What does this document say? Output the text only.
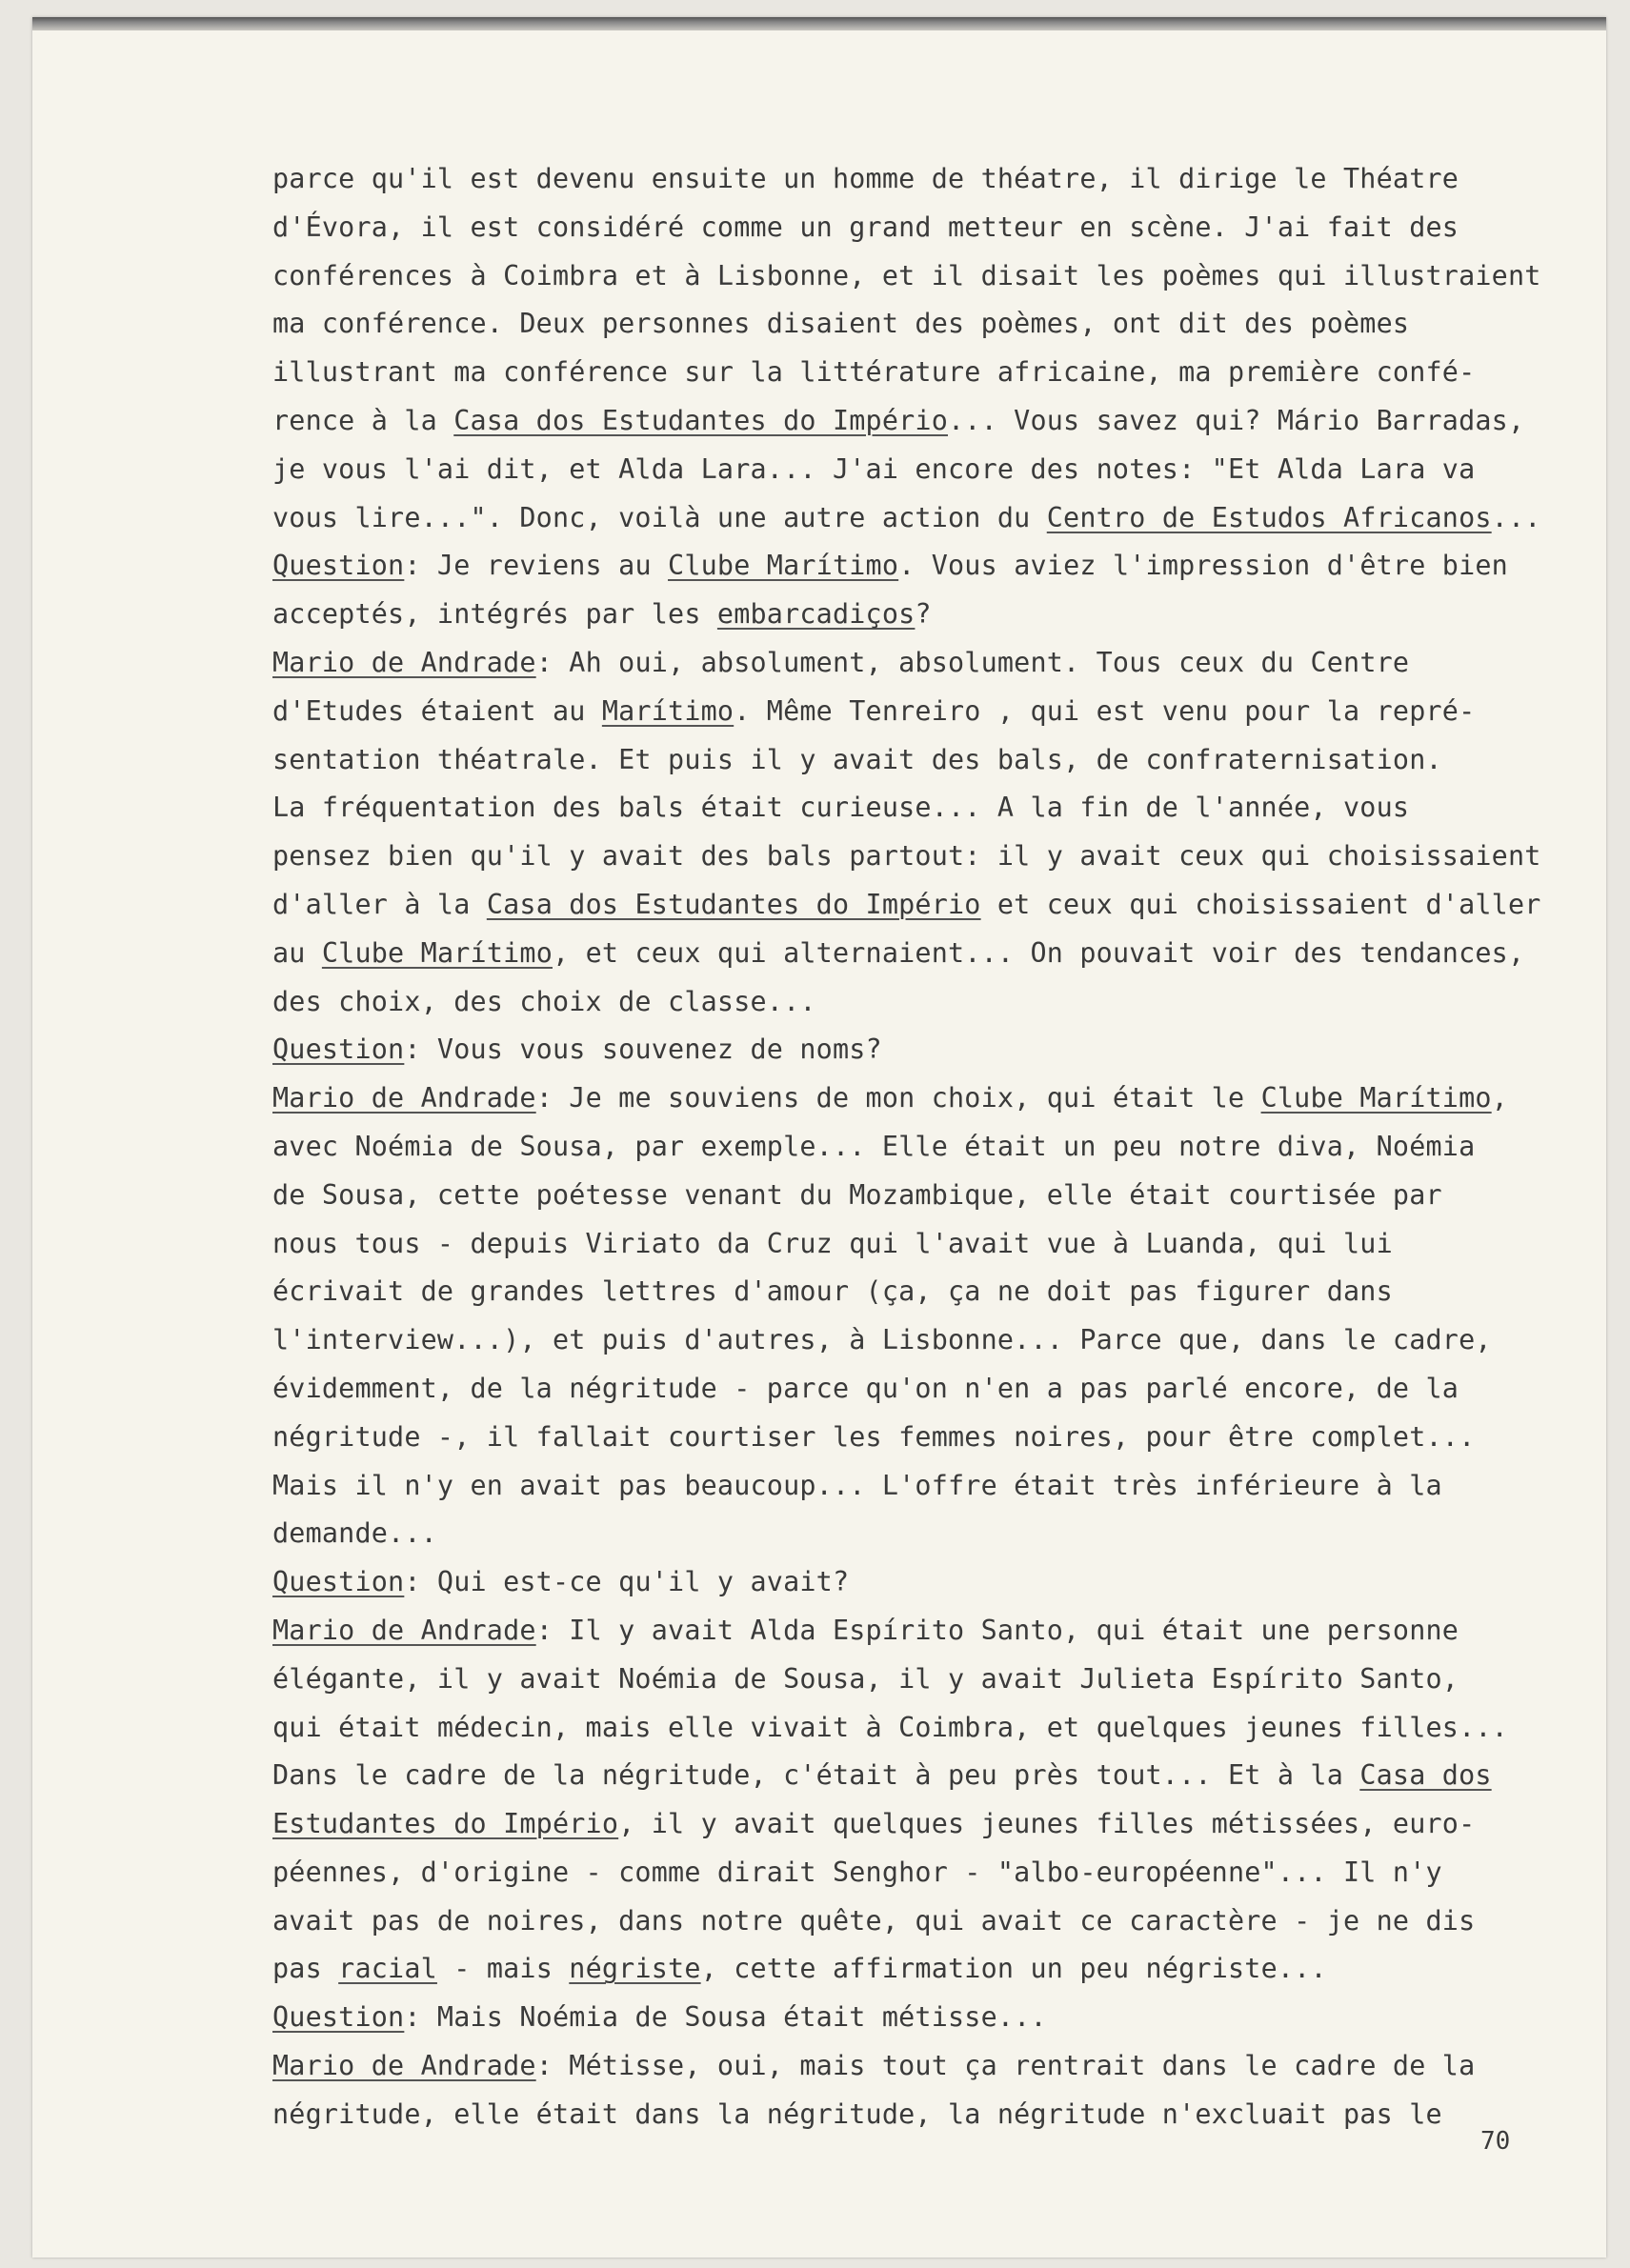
parce qu'il est devenu ensuite un homme de théatre, il dirige le Théatre
d'Évora, il est considéré comme un grand metteur en scène. J'ai fait des
conférences à Coimbra et à Lisbonne, et il disait les poèmes qui illustraient
ma conférence. Deux personnes disaient des poèmes, ont dit des poèmes
illustrant ma conférence sur la littérature africaine, ma première confé-
rence à la Casa dos Estudantes do Império... Vous savez qui? Mário Barradas,
je vous l'ai dit, et Alda Lara... J'ai encore des notes: "Et Alda Lara va
vous lire...". Donc, voilà une autre action du Centro de Estudos Africanos...
Question: Je reviens au Clube Marítimo. Vous aviez l'impression d'être bien
acceptés, intégrés par les embarcadiços?
Mario de Andrade: Ah oui, absolument, absolument. Tous ceux du Centre
d'Etudes étaient au Marítimo. Même Tenreiro , qui est venu pour la repré-
sentation théatrale. Et puis il y avait des bals, de confraternisation.
La fréquentation des bals était curieuse... A la fin de l'année, vous
pensez bien qu'il y avait des bals partout: il y avait ceux qui choisissaient
d'aller à la Casa dos Estudantes do Império et ceux qui choisissaient d'aller
au Clube Marítimo, et ceux qui alternaient... On pouvait voir des tendances,
des choix, des choix de classe...
Question: Vous vous souvenez de noms?
Mario de Andrade: Je me souviens de mon choix, qui était le Clube Marítimo,
avec Noémia de Sousa, par exemple... Elle était un peu notre diva, Noémia
de Sousa, cette poétesse venant du Mozambique, elle était courtisée par
nous tous - depuis Viriato da Cruz qui l'avait vue à Luanda, qui lui
écrivait de grandes lettres d'amour (ça, ça ne doit pas figurer dans
l'interview...), et puis d'autres, à Lisbonne... Parce que, dans le cadre,
évidemment, de la négritude - parce qu'on n'en a pas parlé encore, de la
négritude -, il fallait courtiser les femmes noires, pour être complet...
Mais il n'y en avait pas beaucoup... L'offre était très inférieure à la
demande...
Question: Qui est-ce qu'il y avait?
Mario de Andrade: Il y avait Alda Espírito Santo, qui était une personne
élégante, il y avait Noémia de Sousa, il y avait Julieta Espírito Santo,
qui était médecin, mais elle vivait à Coimbra, et quelques jeunes filles...
Dans le cadre de la négritude, c'était à peu près tout... Et à la Casa dos
Estudantes do Império, il y avait quelques jeunes filles métissées, euro-
péennes, d'origine - comme dirait Senghor - "albo-européenne"... Il n'y
avait pas de noires, dans notre quête, qui avait ce caractère - je ne dis
pas racial - mais négriste, cette affirmation un peu négriste...
Question: Mais Noémia de Sousa était métisse...
Mario de Andrade: Métisse, oui, mais tout ça rentrait dans le cadre de la
négritude, elle était dans la négritude, la négritude n'excluait pas le
70
